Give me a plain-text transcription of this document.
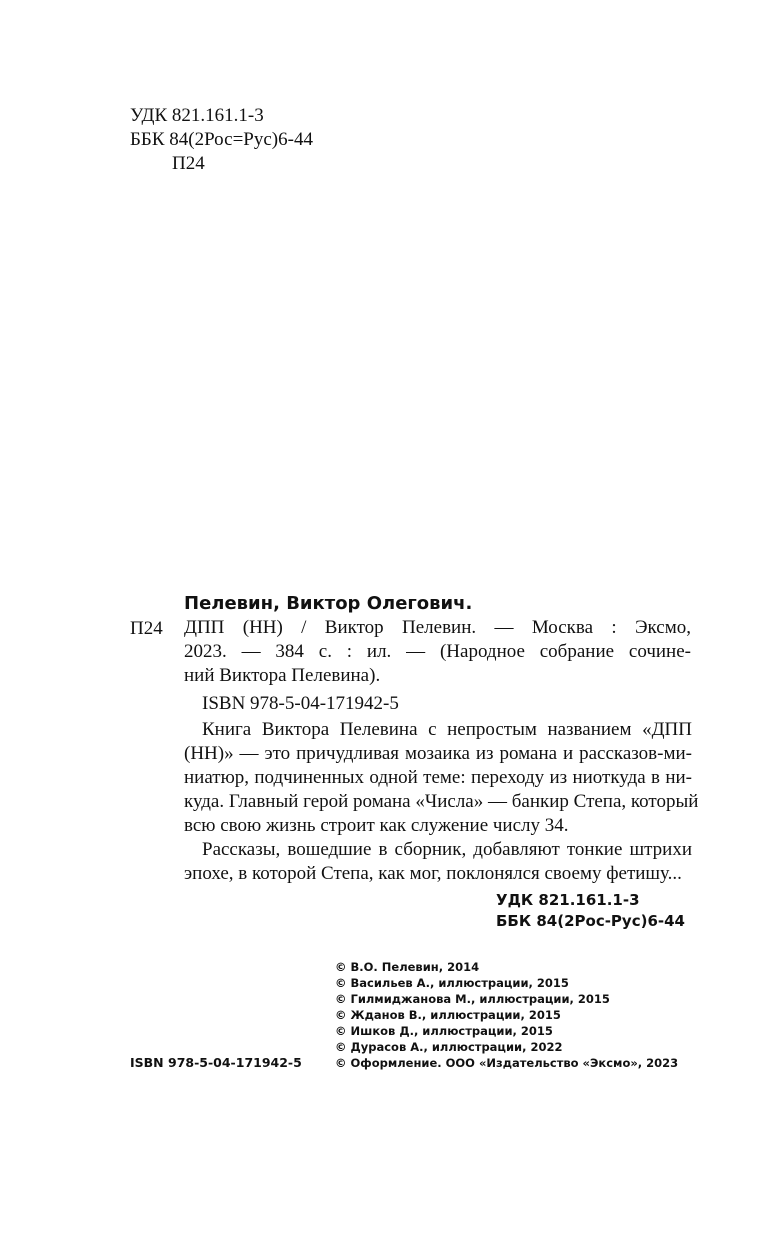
УДК 821.161.1-3
ББК 84(2Рос=Рус)6-44
П24
Пелевин, Виктор Олегович.
П24 ДПП (НН) / Виктор Пелевин. — Москва : Эксмо,
2023. — 384 с. : ил. — (Народное собрание сочине-
ний Виктора Пелевина).
ISBN 978-5-04-171942-5
Книга Виктора Пелевина с непростым названием «ДПП
(НН)» — это причудливая мозаика из романа и рассказов-ми-
ниатюр, подчиненных одной теме: переходу из ниоткуда в ни-
куда. Главный герой романа «Числа» — банкир Степа, который
всю свою жизнь строит как служение числу 34.
Рассказы, вошедшие в сборник, добавляют тонкие штрихи
эпохе, в которой Степа, как мог, поклонялся своему фетишу...
УДК 821.161.1-3
ББК 84(2Рос-Рус)6-44
© В.О. Пелевин, 2014
© Васильев А., иллюстрации, 2015
© Гилмиджанова М., иллюстрации, 2015
© Жданов В., иллюстрации, 2015
© Ишков Д., иллюстрации, 2015
© Дурасов А., иллюстрации, 2022
© Оформление. ООО «Издательство «Эксмо», 2023
ISBN 978-5-04-171942-5
